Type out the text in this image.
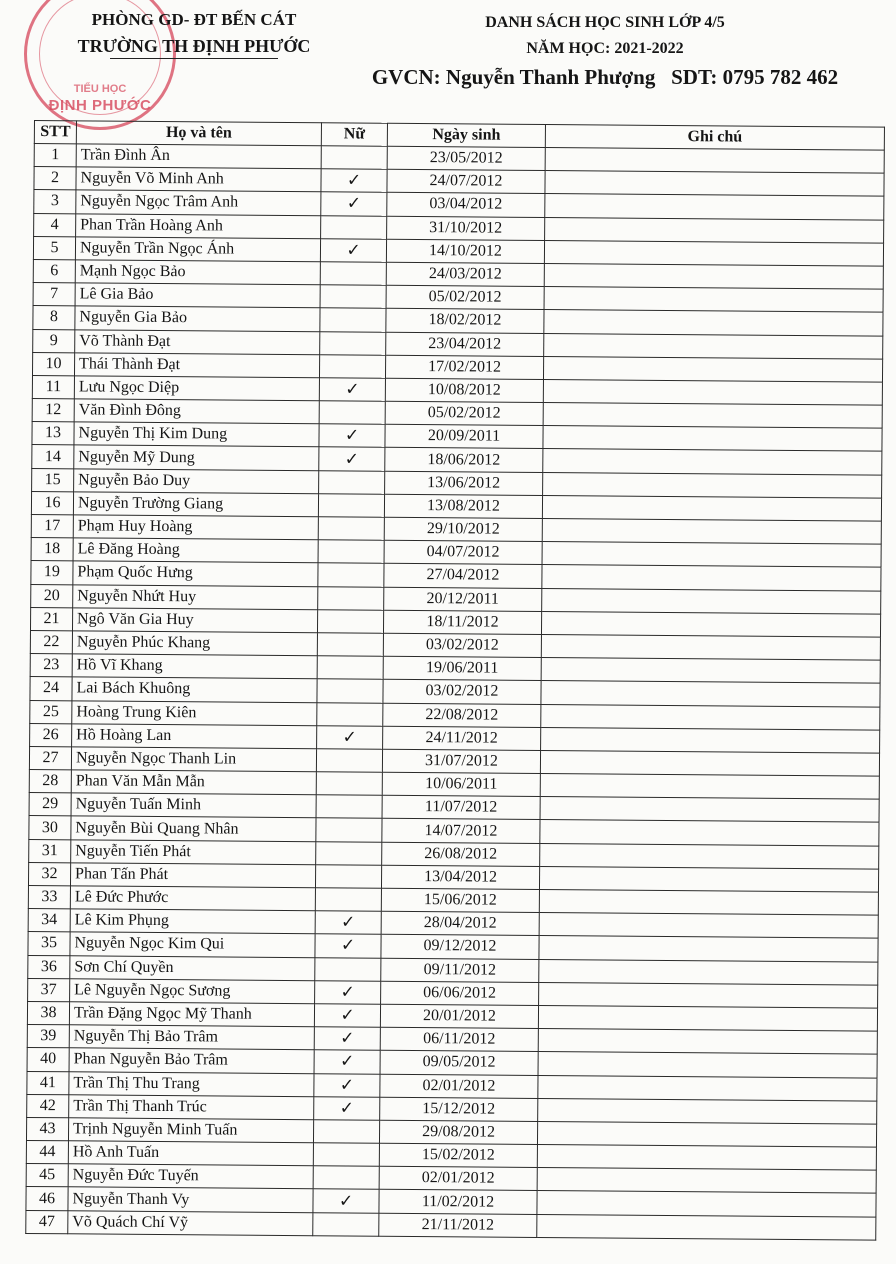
TIỂU HỌC
ĐỊNH PHƯỚC
PHÒNG GD- ĐT BẾN CÁT
TRƯỜNG TH ĐỊNH PHƯỚC
DANH SÁCH HỌC SINH LỚP 4/5
NĂM HỌC: 2021-2022
GVCN: Nguyễn Thanh Phượng   SDT: 0795 782 462
STT	Họ và tên	Nữ	Ngày sinh	Ghi chú
1	Trần Đình Ân		23/05/2012	
2	Nguyễn Võ Minh Anh	✓	24/07/2012	
3	Nguyễn Ngọc Trâm Anh	✓	03/04/2012	
4	Phan Trần Hoàng Anh		31/10/2012	
5	Nguyễn Trần Ngọc Ánh	✓	14/10/2012	
6	Mạnh Ngọc Bảo		24/03/2012	
7	Lê Gia Bảo		05/02/2012	
8	Nguyễn Gia Bảo		18/02/2012	
9	Võ Thành Đạt		23/04/2012	
10	Thái Thành Đạt		17/02/2012	
11	Lưu Ngọc Diệp	✓	10/08/2012	
12	Văn Đình Đông		05/02/2012	
13	Nguyễn Thị Kim Dung	✓	20/09/2011	
14	Nguyễn Mỹ Dung	✓	18/06/2012	
15	Nguyễn Bảo Duy		13/06/2012	
16	Nguyễn Trường Giang		13/08/2012	
17	Phạm Huy Hoàng		29/10/2012	
18	Lê Đăng Hoàng		04/07/2012	
19	Phạm Quốc Hưng		27/04/2012	
20	Nguyễn Nhứt Huy		20/12/2011	
21	Ngô Văn Gia Huy		18/11/2012	
22	Nguyễn Phúc Khang		03/02/2012	
23	Hồ Vĩ Khang		19/06/2011	
24	Lai Bách Khuông		03/02/2012	
25	Hoàng Trung Kiên		22/08/2012	
26	Hồ Hoàng Lan	✓	24/11/2012	
27	Nguyễn Ngọc Thanh Lin		31/07/2012	
28	Phan Văn Mẫn Mẫn		10/06/2011	
29	Nguyễn Tuấn Minh		11/07/2012	
30	Nguyễn Bùi Quang Nhân		14/07/2012	
31	Nguyễn Tiến Phát		26/08/2012	
32	Phan Tấn Phát		13/04/2012	
33	Lê Đức Phước		15/06/2012	
34	Lê Kim Phụng	✓	28/04/2012	
35	Nguyễn Ngọc Kim Qui	✓	09/12/2012	
36	Sơn Chí Quyền		09/11/2012	
37	Lê Nguyễn Ngọc Sương	✓	06/06/2012	
38	Trần Đặng Ngọc Mỹ Thanh	✓	20/01/2012	
39	Nguyễn Thị Bảo Trâm	✓	06/11/2012	
40	Phan Nguyễn Bảo Trâm	✓	09/05/2012	
41	Trần Thị Thu Trang	✓	02/01/2012	
42	Trần Thị Thanh Trúc	✓	15/12/2012	
43	Trịnh Nguyễn Minh Tuấn		29/08/2012	
44	Hồ Anh Tuấn		15/02/2012	
45	Nguyễn Đức Tuyến		02/01/2012	
46	Nguyễn Thanh Vy	✓	11/02/2012	
47	Võ Quách Chí Vỹ		21/11/2012	
